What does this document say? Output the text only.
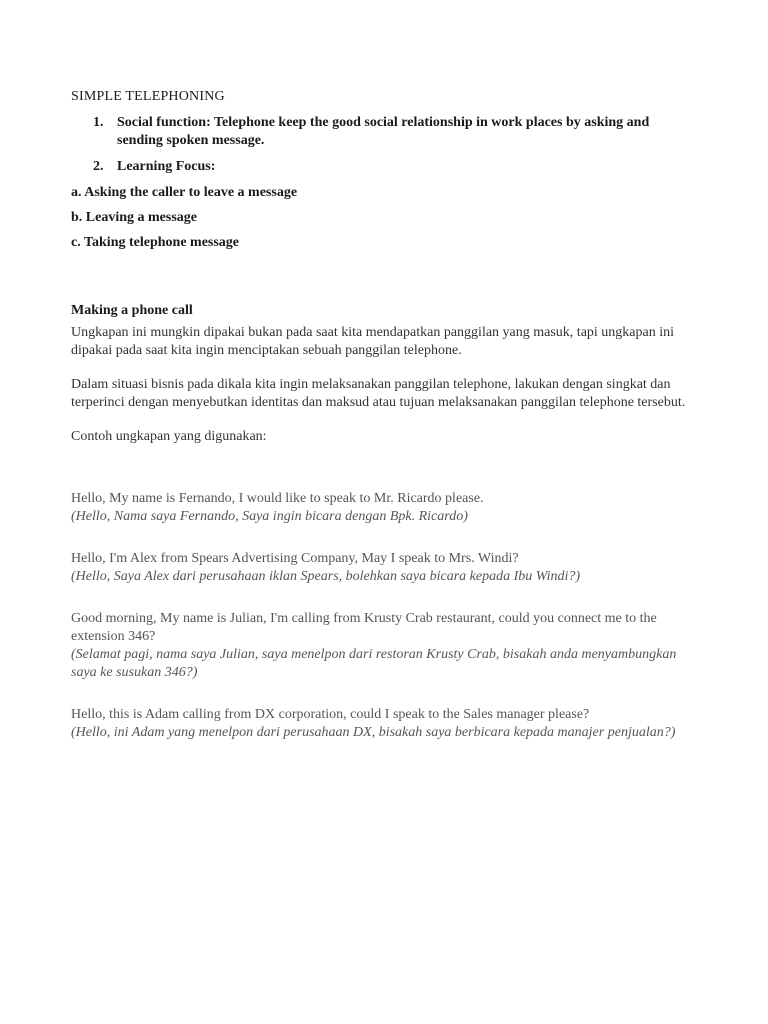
SIMPLE TELEPHONING
1. Social function: Telephone keep the good social relationship in work places by asking and sending spoken message.
2. Learning Focus:
a. Asking the caller to leave a message
b. Leaving a message
c. Taking telephone message
Making a phone call

Ungkapan ini mungkin dipakai bukan pada saat kita mendapatkan panggilan yang masuk, tapi ungkapan ini dipakai pada saat kita ingin menciptakan sebuah panggilan telephone.

Dalam situasi bisnis pada dikala kita ingin melaksanakan panggilan telephone, lakukan dengan singkat dan terperinci dengan menyebutkan identitas dan maksud atau tujuan melaksanakan panggilan telephone tersebut.

Contoh ungkapan yang digunakan:

Hello, My name is Fernando, I would like to speak to Mr. Ricardo please.
(Hello, Nama saya Fernando, Saya ingin bicara dengan Bpk. Ricardo)
Hello, I'm Alex from Spears Advertising Company, May I speak to Mrs. Windi?
(Hello, Saya Alex dari perusahaan iklan Spears, bolehkan saya bicara kepada Ibu Windi?)
Good morning, My name is Julian, I'm calling from Krusty Crab restaurant, could you connect me to the extension 346?
(Selamat pagi, nama saya Julian, saya menelpon dari restoran Krusty Crab, bisakah anda menyambungkan saya ke susukan 346?)
Hello, this is Adam calling from DX corporation, could I speak to the Sales manager please?
(Hello, ini Adam yang menelpon dari perusahaan DX, bisakah saya berbicara kepada manajer penjualan?)
